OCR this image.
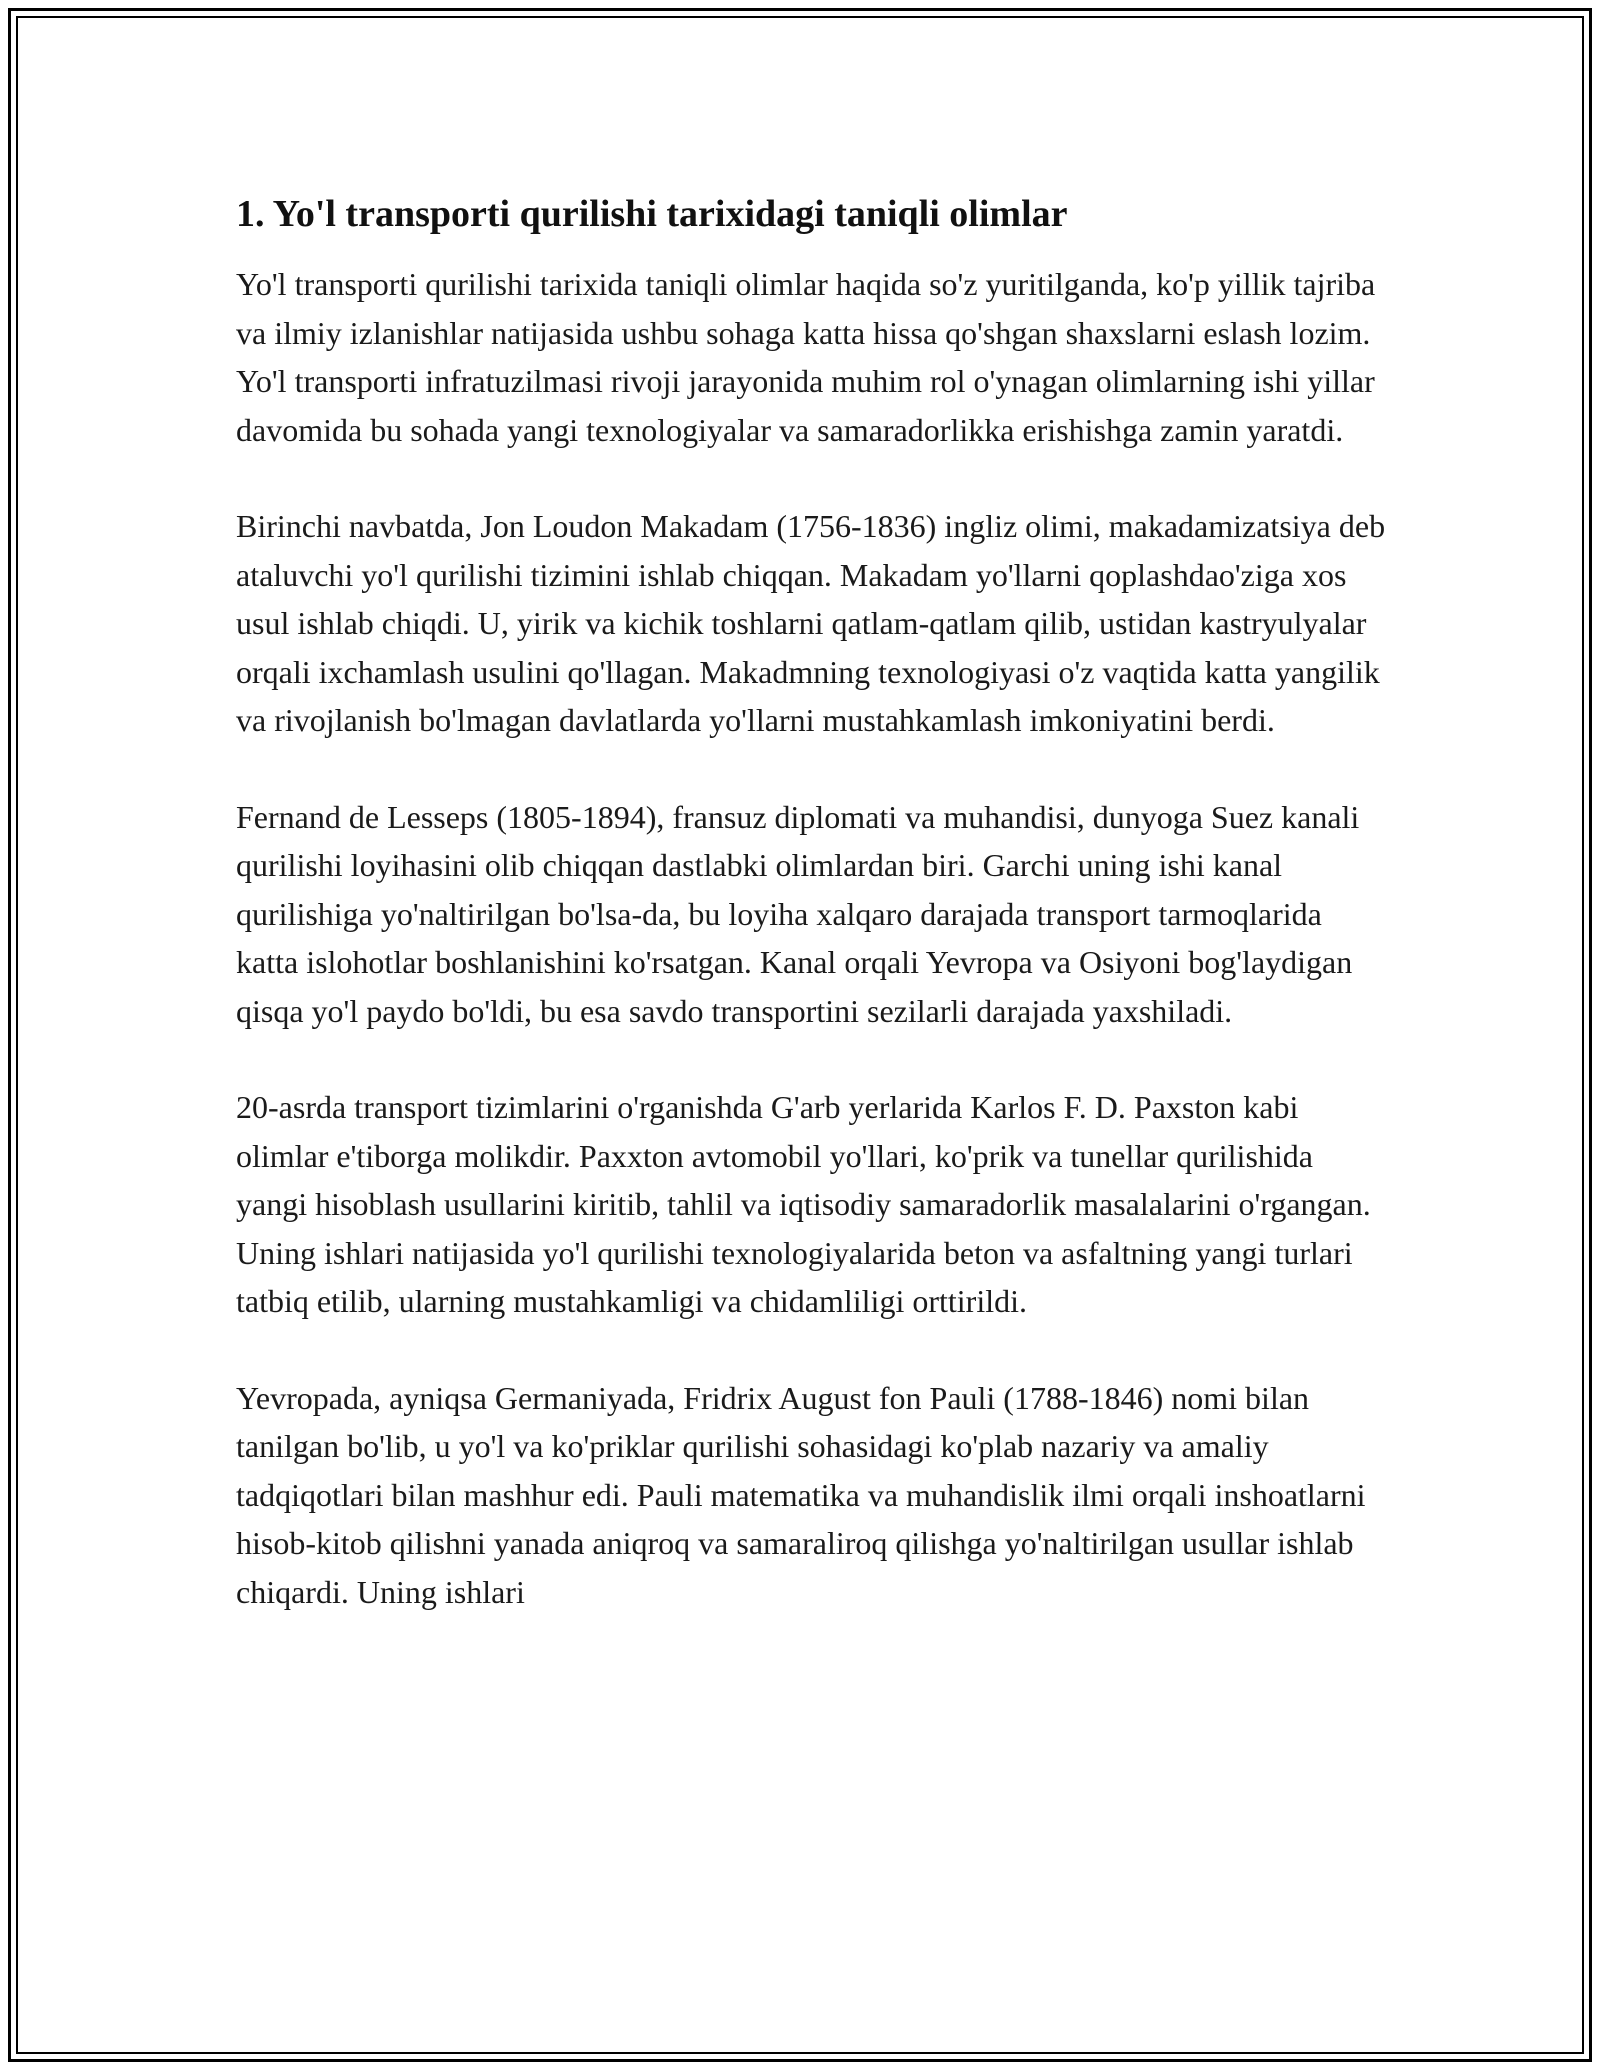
1. Yo'l transporti qurilishi tarixidagi taniqli olimlar

Yo'l transporti qurilishi tarixida taniqli olimlar haqida so'z yuritilganda, ko'p yillik tajriba va ilmiy izlanishlar natijasida ushbu sohaga katta hissa qo'shgan shaxslarni eslash lozim. Yo'l transporti infratuzilmasi rivoji jarayonida muhim rol o'ynagan olimlarning ishi yillar davomida bu sohada yangi texnologiyalar va samaradorlikka erishishga zamin yaratdi.

Birinchi navbatda, Jon Loudon Makadam (1756-1836) ingliz olimi, makadamizatsiya deb ataluvchi yo'l qurilishi tizimini ishlab chiqqan. Makadam yo'llarni qoplashdao'ziga xos usul ishlab chiqdi. U, yirik va kichik toshlarni qatlam-qatlam qilib, ustidan kastryulyalar orqali ixchamlash usulini qo'llagan. Makadmning texnologiyasi o'z vaqtida katta yangilik va rivojlanish bo'lmagan davlatlarda yo'llarni mustahkamlash imkoniyatini berdi.

Fernand de Lesseps (1805-1894), fransuz diplomati va muhandisi, dunyoga Suez kanali qurilishi loyihasini olib chiqqan dastlabki olimlardan biri. Garchi uning ishi kanal qurilishiga yo'naltirilgan bo'lsa-da, bu loyiha xalqaro darajada transport tarmoqlarida katta islohotlar boshlanishini ko'rsatgan. Kanal orqali Yevropa va Osiyoni bog'laydigan qisqa yo'l paydo bo'ldi, bu esa savdo transportini sezilarli darajada yaxshiladi.

20-asrda transport tizimlarini o'rganishda G'arb yerlarida Karlos F. D. Paxston kabi olimlar e'tiborga molikdir. Paxxton avtomobil yo'llari, ko'prik va tunellar qurilishida yangi hisoblash usullarini kiritib, tahlil va iqtisodiy samaradorlik masalalarini o'rgangan. Uning ishlari natijasida yo'l qurilishi texnologiyalarida beton va asfaltning yangi turlari tatbiq etilib, ularning mustahkamligi va chidamliligi orttirildi.

Yevropada, ayniqsa Germaniyada, Fridrix August fon Pauli (1788-1846) nomi bilan tanilgan bo'lib, u yo'l va ko'priklar qurilishi sohasidagi ko'plab nazariy va amaliy tadqiqotlari bilan mashhur edi. Pauli matematika va muhandislik ilmi orqali inshoatlarni hisob-kitob qilishni yanada aniqroq va samaraliroq qilishga yo'naltirilgan usullar ishlab chiqardi. Uning ishlari
